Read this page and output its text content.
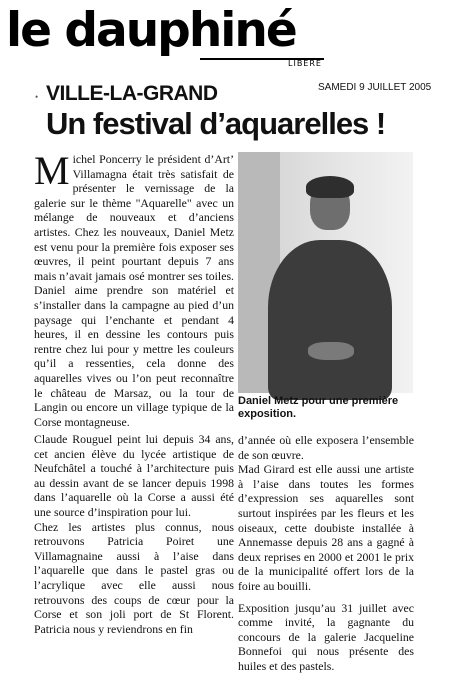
le dauphiné
LIBÉRÉ
SAMEDI 9 JUILLET 2005
• VILLE-LA-GRAND
Un festival d’aquarelles !

Michel Poncerry le président d’Art’ Villamagna était très satisfait de présenter le vernissage de la galerie sur le thème "Aquarelle" avec un mélange de nouveaux et d’anciens artistes. Chez les nouveaux, Daniel Metz est venu pour la première fois exposer ses œuvres, il peint pourtant depuis 7 ans mais n’avait jamais osé montrer ses toiles. Daniel aime prendre son matériel et s’installer dans la campagne au pied d’un paysage qui l’enchante et pendant 4 heures, il en dessine les contours puis rentre chez lui pour y mettre les couleurs qu’il a ressenties, cela donne des aquarelles vives ou l’on peut reconnaître le château de Marsaz, ou la tour de Langin ou encore un village typique de la Corse montagneuse.

Daniel Metz pour une première exposition.

Claude Rouguel peint lui depuis 34 ans, cet ancien élève du lycée artistique de Neufchâtel a touché à l’architecture puis au dessin avant de se lancer depuis 1998 dans l’aquarelle où la Corse a aussi été une source d’inspiration pour lui.

Chez les artistes plus connus, nous retrouvons Patricia Poiret une Villamagnaine aussi à l’aise dans l’aquarelle que dans le pastel gras ou l’acrylique avec elle aussi nous retrouvons des coups de cœur pour la Corse et son joli port de St Florent. Patricia nous y reviendrons en fin

d’année où elle exposera l’ensemble de son œuvre.

Mad Girard est elle aussi une artiste à l’aise dans toutes les formes d’expression ses aquarelles sont surtout inspirées par les fleurs et les oiseaux, cette doubiste installée à Annemasse depuis 28 ans a gagné à deux reprises en 2000 et 2001 le prix de la municipalité offert lors de la foire au bouilli.

Exposition jusqu’au 31 juillet avec comme invité, la gagnante du concours de la galerie Jacqueline Bonnefoi qui nous présente des huiles et des pastels.
